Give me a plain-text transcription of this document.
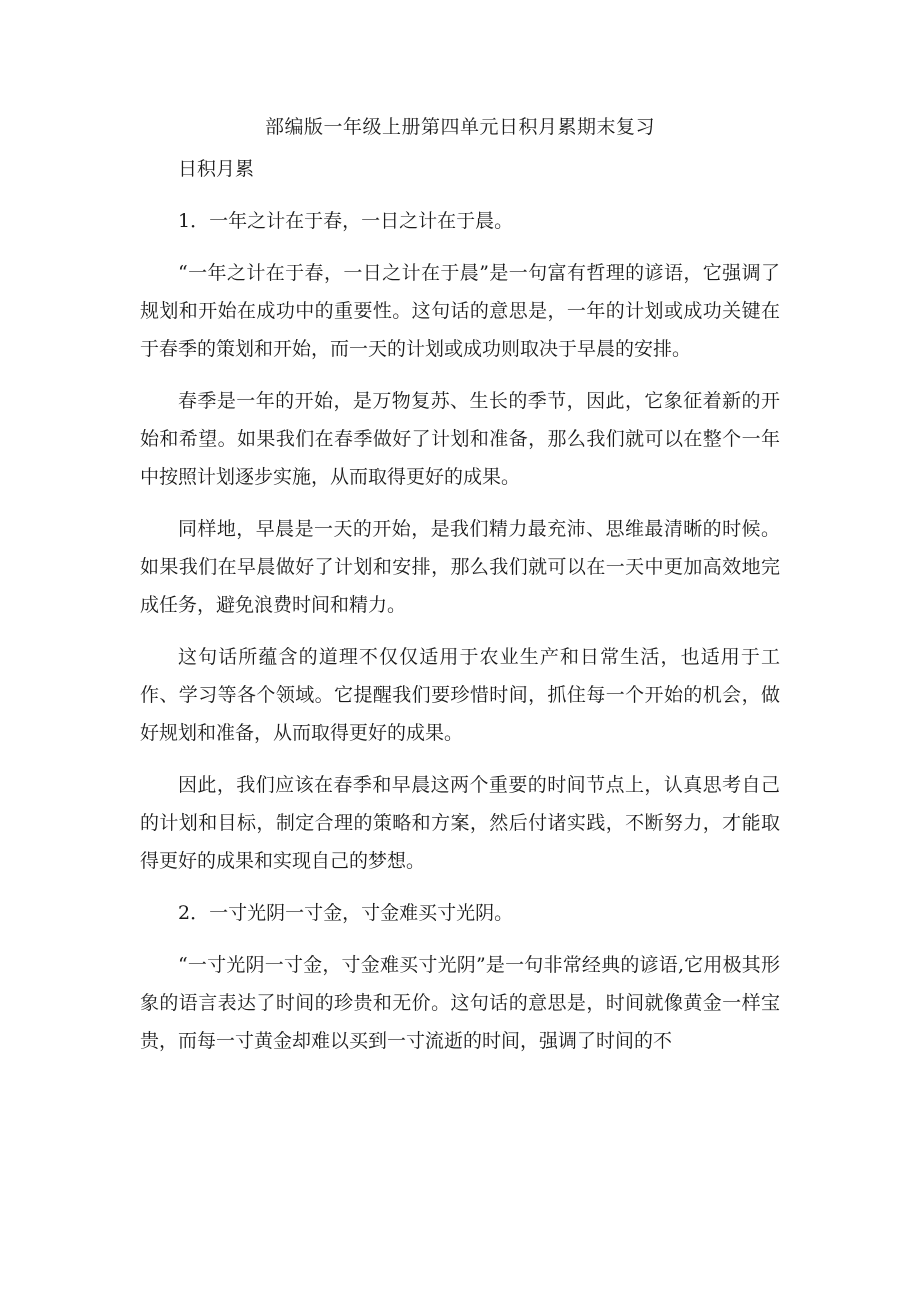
部编版一年级上册第四单元日积月累期末复习

日积月累

1．一年之计在于春，一日之计在于晨。

“一年之计在于春，一日之计在于晨”是一句富有哲理的谚语，它强调了规划和开始在成功中的重要性。这句话的意思是，一年的计划或成功关键在于春季的策划和开始，而一天的计划或成功则取决于早晨的安排。

春季是一年的开始，是万物复苏、生长的季节，因此，它象征着新的开始和希望。如果我们在春季做好了计划和准备，那么我们就可以在整个一年中按照计划逐步实施，从而取得更好的成果。

同样地，早晨是一天的开始，是我们精力最充沛、思维最清晰的时候。如果我们在早晨做好了计划和安排，那么我们就可以在一天中更加高效地完成任务，避免浪费时间和精力。

这句话所蕴含的道理不仅仅适用于农业生产和日常生活，也适用于工作、学习等各个领域。它提醒我们要珍惜时间，抓住每一个开始的机会，做好规划和准备，从而取得更好的成果。

因此，我们应该在春季和早晨这两个重要的时间节点上，认真思考自己的计划和目标，制定合理的策略和方案，然后付诸实践，不断努力，才能取得更好的成果和实现自己的梦想。

2．一寸光阴一寸金，寸金难买寸光阴。

“一寸光阴一寸金，寸金难买寸光阴”是一句非常经典的谚语,它用极其形象的语言表达了时间的珍贵和无价。这句话的意思是，时间就像黄金一样宝贵，而每一寸黄金却难以买到一寸流逝的时间，强调了时间的不
